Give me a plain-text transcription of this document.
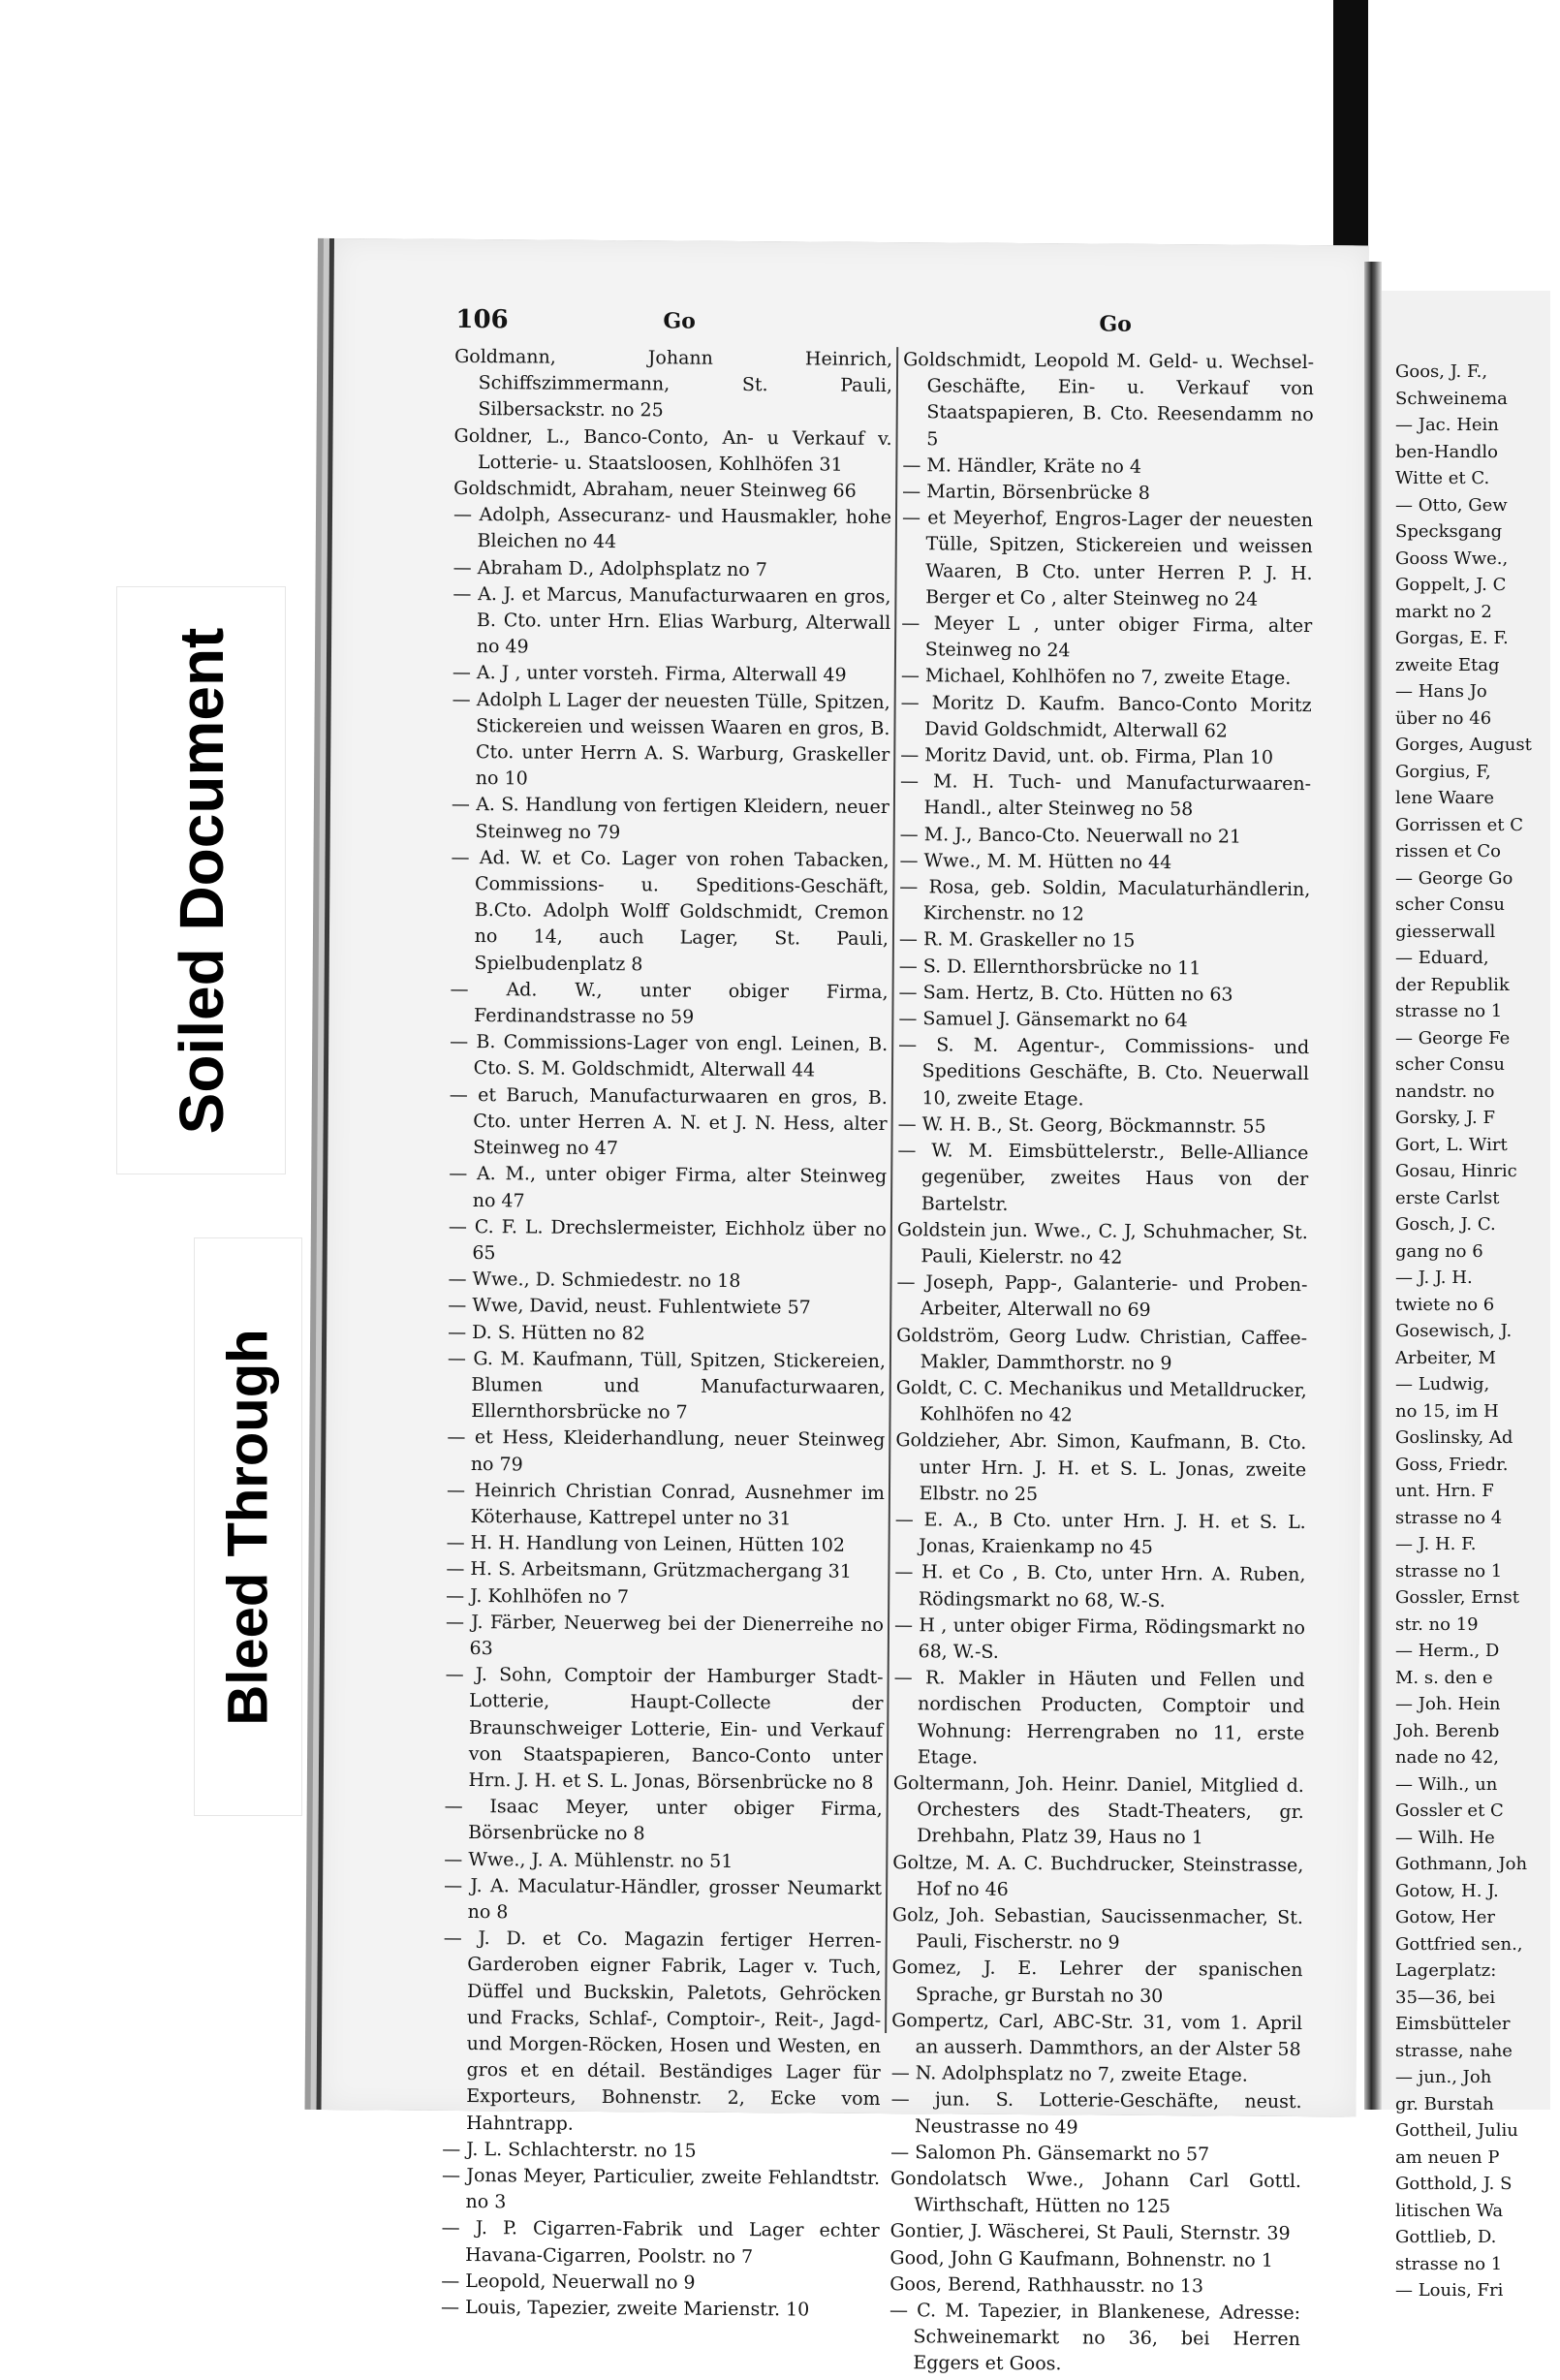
106	Go	Go

Goldmann, Johann Heinrich, Schiffszimmermann, St. Pauli, Silbersackstr. no 25

Goldner, L., Banco-Conto, An- u Verkauf v. Lotterie- u. Staatsloosen, Kohlhöfen 31

Goldschmidt, Abraham, neuer Steinweg 66

— Adolph, Assecuranz- und Hausmakler, hohe Bleichen no 44

— Abraham D., Adolphsplatz no 7

— A. J. et Marcus, Manufacturwaaren en gros, B. Cto. unter Hrn. Elias Warburg, Alterwall no 49

— A. J , unter vorsteh. Firma, Alterwall 49

— Adolph L Lager der neuesten Tülle, Spitzen, Stickereien und weissen Waaren en gros, B. Cto. unter Herrn A. S. Warburg, Graskeller no 10

— A. S. Handlung von fertigen Kleidern, neuer Steinweg no 79

— Ad. W. et Co. Lager von rohen Tabacken, Commissions- u. Speditions-Geschäft, B.Cto. Adolph Wolff Goldschmidt, Cremon no 14, auch Lager, St. Pauli, Spielbudenplatz 8

— Ad. W., unter obiger Firma, Ferdinandstrasse no 59

— B. Commissions-Lager von engl. Leinen, B. Cto. S. M. Goldschmidt, Alterwall 44

— et Baruch, Manufacturwaaren en gros, B. Cto. unter Herren A. N. et J. N. Hess, alter Steinweg no 47

— A. M., unter obiger Firma, alter Steinweg no 47

— C. F. L. Drechslermeister, Eichholz über no 65

— Wwe., D. Schmiedestr. no 18

— Wwe, David, neust. Fuhlentwiete 57

— D. S. Hütten no 82

— G. M. Kaufmann, Tüll, Spitzen, Stickereien, Blumen und Manufacturwaaren, Ellernthorsbrücke no 7

— et Hess, Kleiderhandlung, neuer Steinweg no 79

— Heinrich Christian Conrad, Ausnehmer im Köterhause, Kattrepel unter no 31

— H. H. Handlung von Leinen, Hütten 102

— H. S. Arbeitsmann, Grützmachergang 31

— J. Kohlhöfen no 7

— J. Färber, Neuerweg bei der Dienerreihe no 63

— J. Sohn, Comptoir der Hamburger Stadt-Lotterie, Haupt-Collecte der Braunschweiger Lotterie, Ein- und Verkauf von Staatspapieren, Banco-Conto unter Hrn. J. H. et S. L. Jonas, Börsenbrücke no 8

— Isaac Meyer, unter obiger Firma, Börsenbrücke no 8

— Wwe., J. A. Mühlenstr. no 51

— J. A. Maculatur-Händler, grosser Neumarkt no 8

— J. D. et Co. Magazin fertiger Herren-Garderoben eigner Fabrik, Lager v. Tuch, Düffel und Buckskin, Paletots, Gehröcken und Fracks, Schlaf-, Comptoir-, Reit-, Jagd- und Morgen-Röcken, Hosen und Westen, en gros et en détail. Beständiges Lager für Exporteurs, Bohnenstr. 2, Ecke vom Hahntrapp.

— J. L. Schlachterstr. no 15

— Jonas Meyer, Particulier, zweite Fehlandtstr. no 3

— J. P. Cigarren-Fabrik und Lager echter Havana-Cigarren, Poolstr. no 7

— Leopold, Neuerwall no 9

— Louis, Tapezier, zweite Marienstr. 10

Goldschmidt, Leopold M. Geld- u. Wechsel-Geschäfte, Ein- u. Verkauf von Staatspapieren, B. Cto. Reesendamm no 5

— M. Händler, Kräte no 4

— Martin, Börsenbrücke 8

— et Meyerhof, Engros-Lager der neuesten Tülle, Spitzen, Stickereien und weissen Waaren, B Cto. unter Herren P. J. H. Berger et Co , alter Steinweg no 24

— Meyer L , unter obiger Firma, alter Steinweg no 24

— Michael, Kohlhöfen no 7, zweite Etage.

— Moritz D. Kaufm. Banco-Conto Moritz David Goldschmidt, Alterwall 62

— Moritz David, unt. ob. Firma, Plan 10

— M. H. Tuch- und Manufacturwaaren-Handl., alter Steinweg no 58

— M. J., Banco-Cto. Neuerwall no 21

— Wwe., M. M. Hütten no 44

— Rosa, geb. Soldin, Maculaturhändlerin, Kirchenstr. no 12

— R. M. Graskeller no 15

— S. D. Ellernthorsbrücke no 11

— Sam. Hertz, B. Cto. Hütten no 63

— Samuel J. Gänsemarkt no 64

— S. M. Agentur-, Commissions- und Speditions Geschäfte, B. Cto. Neuerwall 10, zweite Etage.

— W. H. B., St. Georg, Böckmannstr. 55

— W. M. Eimsbüttelerstr., Belle-Alliance gegenüber, zweites Haus von der Bartelstr.

Goldstein jun. Wwe., C. J, Schuhmacher, St. Pauli, Kielerstr. no 42

— Joseph, Papp-, Galanterie- und Proben-Arbeiter, Alterwall no 69

Goldström, Georg Ludw. Christian, Caffee-Makler, Dammthorstr. no 9

Goldt, C. C. Mechanikus und Metalldrucker, Kohlhöfen no 42

Goldzieher, Abr. Simon, Kaufmann, B. Cto. unter Hrn. J. H. et S. L. Jonas, zweite Elbstr. no 25

— E. A., B Cto. unter Hrn. J. H. et S. L. Jonas, Kraienkamp no 45

— H. et Co , B. Cto, unter Hrn. A. Ruben, Rödingsmarkt no 68, W.-S.

— H , unter obiger Firma, Rödingsmarkt no 68, W.-S.

— R. Makler in Häuten und Fellen und nordischen Producten, Comptoir und Wohnung: Herrengraben no 11, erste Etage.

Goltermann, Joh. Heinr. Daniel, Mitglied d. Orchesters des Stadt-Theaters, gr. Drehbahn, Platz 39, Haus no 1

Goltze, M. A. C. Buchdrucker, Steinstrasse, Hof no 46

Golz, Joh. Sebastian, Saucissenmacher, St. Pauli, Fischerstr. no 9

Gomez, J. E. Lehrer der spanischen Sprache, gr Burstah no 30

Gompertz, Carl, ABC-Str. 31, vom 1. April an ausserh. Dammthors, an der Alster 58

— N. Adolphsplatz no 7, zweite Etage.

— jun. S. Lotterie-Geschäfte, neust. Neustrasse no 49

— Salomon Ph. Gänsemarkt no 57

Gondolatsch Wwe., Johann Carl Gottl. Wirthschaft, Hütten no 125

Gontier, J. Wäscherei, St Pauli, Sternstr. 39

Good, John G Kaufmann, Bohnenstr. no 1

Goos, Berend, Rathhausstr. no 13

— C. M. Tapezier, in Blankenese, Adresse: Schweinemarkt no 36, bei Herren Eggers et Goos.

Goos, J. F.,

Schweinema

— Jac. Hein

ben-Handlo

Witte et C.

— Otto, Gew

Specksgang

Gooss Wwe.,

Goppelt, J. C

markt no 2

Gorgas, E. F.

zweite Etag

— Hans Jo

über no 46

Gorges, August

Gorgius, F,

lene Waare

Gorrissen et C

rissen et Co

— George Go

scher Consu

giesserwall

— Eduard,

der Republik

strasse no 1

— George Fe

scher Consu

nandstr. no

Gorsky, J. F

Gort, L. Wirt

Gosau, Hinric

erste Carlst

Gosch, J. C.

gang no 6

— J. J. H.

twiete no 6

Gosewisch, J.

Arbeiter, M

— Ludwig,

no 15, im H

Goslinsky, Ad

Goss, Friedr.

unt. Hrn. F

strasse no 4

— J. H. F.

strasse no 1

Gossler, Ernst

str. no 19

— Herm., D

M. s. den e

— Joh. Hein

Joh. Berenb

nade no 42,

— Wilh., un

Gossler et C

— Wilh. He

Gothmann, Joh

Gotow, H. J.

Gotow, Her

Gottfried sen.,

Lagerplatz:

35—36, bei

Eimsbütteler

strasse, nahe

— jun., Joh

gr. Burstah

Gottheil, Juliu

am neuen P

Gotthold, J. S

litischen Wa

Gottlieb, D.

strasse no 1

— Louis, Fri

Soiled Document
Bleed Through
